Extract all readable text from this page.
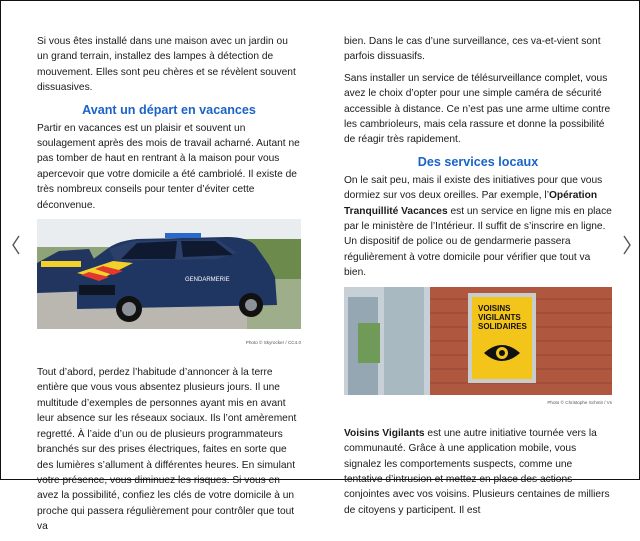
Si vous êtes installé dans une maison avec un jardin ou un grand terrain, installez des lampes à détection de mouvement. Elles sont peu chères et se révèlent souvent dissuasives.

Avant un départ en vacances

Partir en vacances est un plaisir et souvent un soulagement après des mois de travail acharné. Autant ne pas tomber de haut en rentrant à la maison pour vous apercevoir que votre domicile a été cambriolé. Il existe de très nombreux conseils pour tenter d’éviter cette déconvenue.

GENDARMERIE
Photo © Skyrocker / CC4.0

Tout d’abord, perdez l’habitude d’annoncer à la terre entière que vous vous absentez plusieurs jours. Il une multitude d’exemples de personnes ayant mis en avant leur absence sur les réseaux sociaux. Ils l’ont amèrement regretté. À l’aide d’un ou de plusieurs programmateurs branchés sur des prises électriques, faites en sorte que des lumières s’allument à différentes heures. En simulant votre présence, vous diminuez les risques. Si vous en avez la possibilité, confiez les clés de votre domicile à un proche qui passera régulièrement pour contrôler que tout va

bien. Dans le cas d’une surveillance, ces va-et-vient sont parfois dissuasifs.

Sans installer un service de télésurveillance complet, vous avez le choix d’opter pour une simple caméra de sécurité accessible à distance. Ce n’est pas une arme ultime contre les cambrioleurs, mais cela rassure et donne la possibilité de réagir très rapidement.

Des services locaux

On le sait peu, mais il existe des initiatives pour que vous dormiez sur vos deux oreilles. Par exemple, l’Opération Tranquillité Vacances est un service en ligne mis en place par le ministère de l’Intérieur. Il suffit de s’inscrire en ligne. Un dispositif de police ou de gendarmerie passera régulièrement à votre domicile pour vérifier que tout va bien.

VOISINS
VIGILANTS
SOLIDAIRES
Photo © Christophe Schmit / Vs

Voisins Vigilants est une autre initiative tournée vers la communauté. Grâce à une application mobile, vous signalez les comportements suspects, comme une tentative d’intrusion et mettez en place des actions conjointes avec vos voisins. Plusieurs centaines de milliers de citoyens y participent. Il est
